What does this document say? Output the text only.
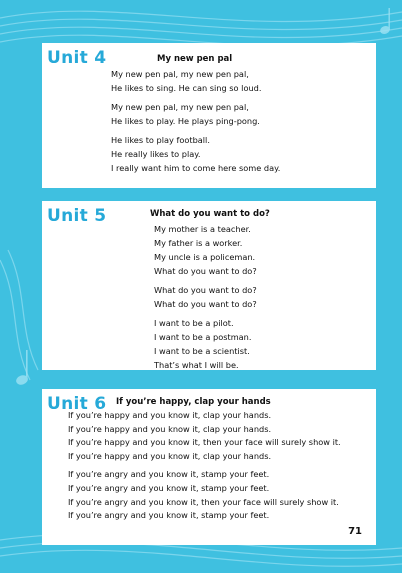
Unit 4	My new pen pal
My new pen pal, my new pen pal,
He likes to sing. He can sing so loud.
My new pen pal, my new pen pal,
He likes to play. He plays ping-pong.
He likes to play football.
He really likes to play.
I really want him to come here some day.
Unit 5	What do you want to do?
My mother is a teacher.
My father is a worker.
My uncle is a policeman.
What do you want to do?
What do you want to do?
What do you want to do?
I want to be a pilot.
I want to be a postman.
I want to be a scientist.
That’s what I will be.
Unit 6 If you’re happy, clap your hands
If you’re happy and you know it, clap your hands.
If you’re happy and you know it, clap your hands.
If you’re happy and you know it, then your face will surely show it.
If you’re happy and you know it, clap your hands.
If you’re angry and you know it, stamp your feet.
If you’re angry and you know it, stamp your feet.
If you’re angry and you know it, then your face will surely show it.
If you’re angry and you know it, stamp your feet.
71
